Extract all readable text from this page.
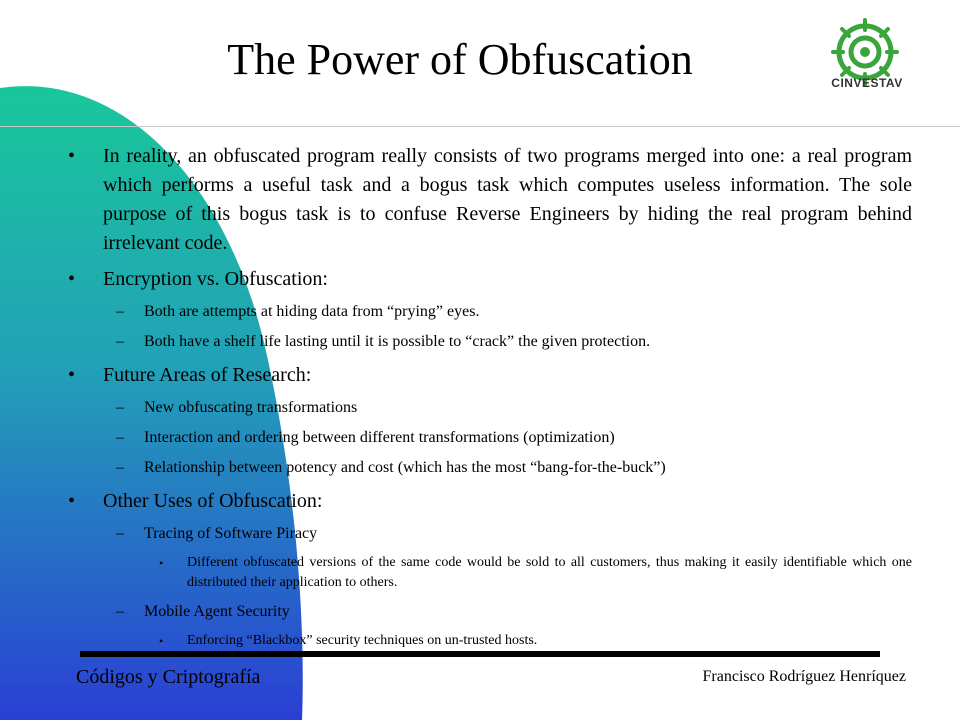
The Power of Obfuscation	CINVESTAV
• In reality, an obfuscated program really consists of two programs merged into one: a real program which performs a useful task and a bogus task which computes useless information. The sole purpose of this bogus task is to confuse Reverse Engineers by hiding the real program behind irrelevant code.
• Encryption vs. Obfuscation:
– Both are attempts at hiding data from “prying” eyes.
– Both have a shelf life lasting until it is possible to “crack” the given protection.
• Future Areas of Research:
– New obfuscating transformations
– Interaction and ordering between different transformations (optimization)
– Relationship between potency and cost (which has the most “bang-for-the-buck”)
• Other Uses of Obfuscation:
– Tracing of Software Piracy
• Different obfuscated versions of the same code would be sold to all customers, thus making it easily identifiable which one distributed their application to others.
– Mobile Agent Security
• Enforcing “Blackbox” security techniques on un-trusted hosts.
Códigos y Criptografía	Francisco Rodríguez Henríquez
